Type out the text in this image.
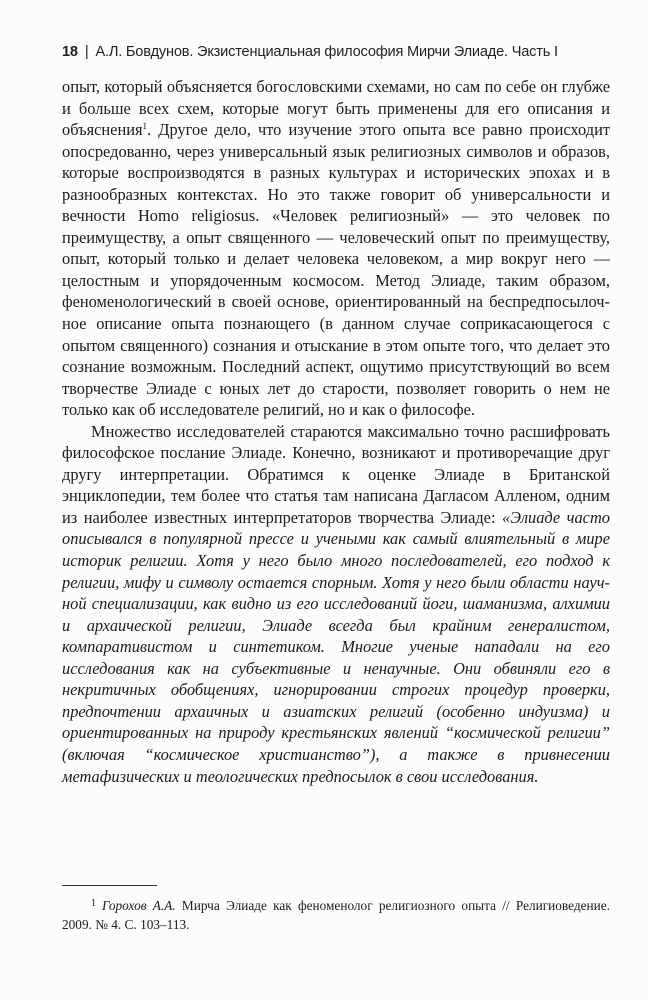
18 | А.Л. Бовдунов. Экзистенциальная философия Мирчи Элиаде. Часть I

опыт, который объясняется богословскими схемами, но сам по себе он глубже и больше всех схем, которые могут быть применены для его описания и объяснения$^1$. Другое дело, что изучение этого опыта все равно происходит опосредованно, через универсальный язык религиозных символов и образов, которые воспроизводятся в разных культурах и исторических эпохах и в разнообразных контекстах. Но это также говорит об универсальности и вечности Homo religiosus. «Человек религиозный» — это человек по преимуществу, а опыт священного — человеческий опыт по преимуществу, опыт, который только и делает человека человеком, а мир вокруг него — целостным и упорядоченным космосом. Метод Элиаде, таким образом, феноменологический в своей основе, ориентированный на беспредпосылочное описание опыта познающего (в данном случае соприкасающегося с опытом священного) сознания и отыскание в этом опыте того, что делает это сознание возможным. Последний аспект, ощутимо присутствующий во всем творчестве Элиаде с юных лет до старости, позволяет говорить о нем не только как об исследователе религий, но и как о философе.

Множество исследователей стараются максимально точно расшифровать философское послание Элиаде. Конечно, возникают и противоречащие друг другу интерпретации. Обратимся к оценке Элиаде в Британской энциклопедии, тем более что статья там написана Дагласом Алленом, одним из наиболее известных интерпретаторов творчества Элиаде: «Элиаде часто описывался в популярной прессе и учеными как самый влиятельный в мире историк религии. Хотя у него было много последователей, его подход к религии, мифу и символу остается спорным. Хотя у него были области научной специализации, как видно из его исследований йоги, шаманизма, алхимии и архаической религии, Элиаде всегда был крайним генералистом, компаративистом и синтетиком. Многие ученые нападали на его исследования как на субъективные и ненаучные. Они обвиняли его в некритичных обобщениях, игнорировании строгих процедур проверки, предпочтении архаичных и азиатских религий (особенно индуизма) и ориентированных на природу крестьянских явлений “космической религии” (включая “космическое христианство”), а также в привнесении метафизических и теологических предпосылок в свои исследования.

$^1$ Горохов А.А. Мирча Элиаде как феноменолог религиозного опыта // Религиоведение. 2009. № 4. С. 103–113.
